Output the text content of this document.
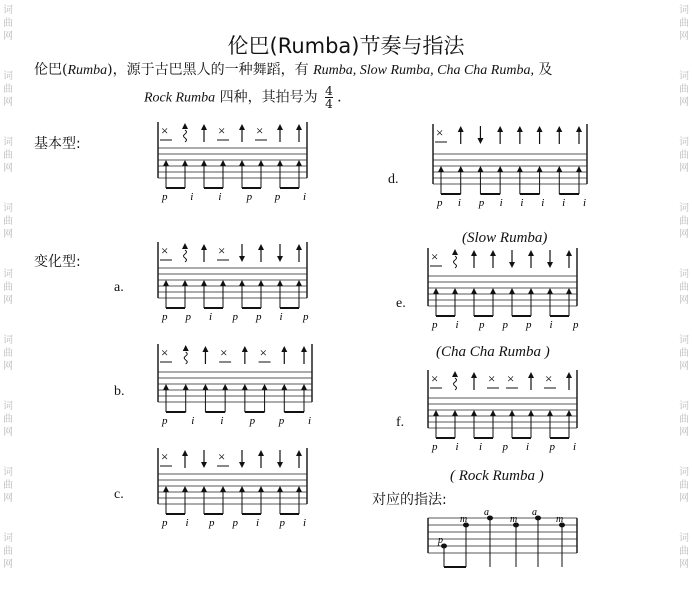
词
曲
网
词
曲
网
词
曲
网
词
曲
网
词
曲
网
词
曲
网
词
曲
网
词
曲
网
词
曲
网
词
曲
网
词
曲
网
词
曲
网
词
曲
网
词
曲
网
词
曲
网
词
曲
网
词
曲
网
词
曲
网
伦巴(Rumba)节奏与指法
伦巴(Rumba)，源于古巴黑人的一种舞蹈，有 Rumba, Slow Rumba, Cha Cha Rumba, 及
Rock Rumba 四种，其拍号为 $\frac{4}{4}$ .
基本型:
变化型:
对应的指法:
a.
b.
c.
d.
e.
f.
(Slow Rumba)
(Cha Cha Rumba )
( Rock Rumba )
×	× ×
p i i p p i
×	×
p p i p p i p
×	× ×
p i i p p i
×	×
p i p p i p i
×
p i p i i i i i
×
p i p p p i p
×	× × ×
p i i p i p i
p
m
a
m
a
m
